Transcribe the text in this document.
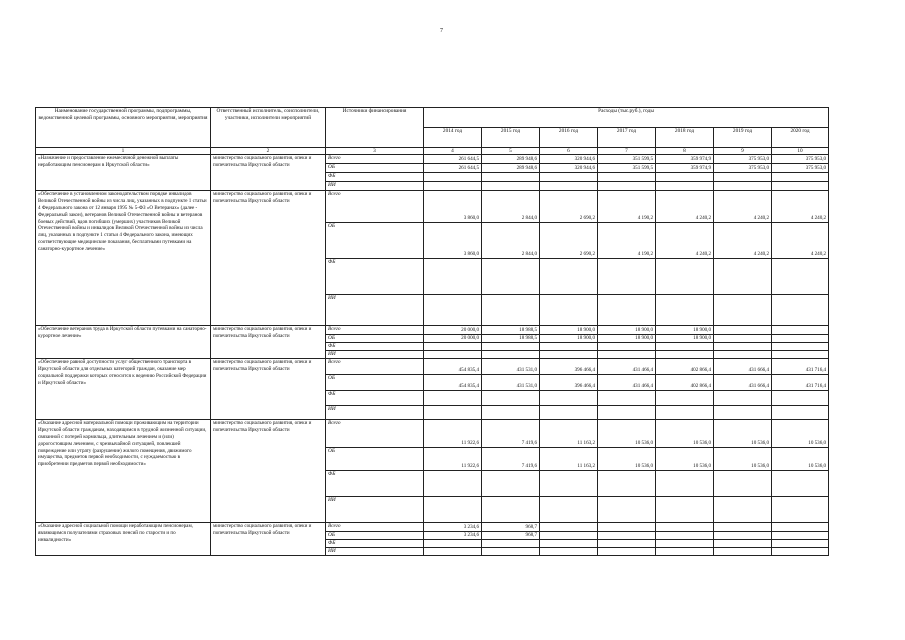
7
Наименование государственной программы, подпрограммы, ведомственной целевой программы, основного мероприятия, мероприятия	Ответственный исполнитель, соисполнители, участники, исполнители мероприятий	Источники финансирования	Расходы (тыс.руб.), годы						
			2014 год	2015 год	2016 год	2017 год	2018 год	2019 год	2020 год
1	2	3	4	5	6	7	8	9	10
«Назначение и предоставление ежемесячной денежной выплаты неработающим пенсионерам в Иркутской области»	министерство социального развития, опеки и попечительства Иркутской области	Всего	261 644,5	289 948,6	320 944,6	351 599,5	359 974,9	375 953,0	375 953,0
		ОБ	261 644,5	289 948,6	320 944,6	351 599,5	359 974,9	375 953,0	375 953,0
		ФБ							
		ИИ							
«Обеспечение в установленном законодательством порядке инвалидов Великой Отечественной войны из числа лиц, указанных в подпункте 1 статьи 4 Федерального закона от 12 января 1995 № 5-ФЗ «О Ветеранах» (далее - Федеральный закон), ветеранов Великой Отечественной войны и ветеранов боевых действий, вдов погибших (умерших) участников Великой Отечественной войны и инвалидов Великой Отечественной войны из числа лиц, указанных в подпункте 1 статьи 4 Федерального закона, имеющих соответствующие медицинские показания, бесплатными путевками на санаторно-курортное лечение»	министерство социального развития, опеки и попечительства Иркутской области	Всего	3 860,0	2 844,0	2 690,2	4 190,2	4 240,2	4 240,2	4 240,2
		ОБ	3 860,0	2 844,0	2 690,2	4 190,2	4 240,2	4 240,2	4 240,2
		ФБ							
		ИИ							
«Обеспечение ветеранов труда в Иркутской области путевками на санаторно-курортное лечение»	министерство социального развития, опеки и попечительства Иркутской области	Всего	20 000,0	18 988,5	18 900,0	18 900,0	18 900,0		
		ОБ	20 000,0	18 988,5	18 900,0	18 900,0	18 900,0		
		ФБ							
		ИИ							
«Обеспечение равной доступности услуг общественного транспорта в Иркутской области для отдельных категорий граждан, оказание мер социальной поддержки которых относится к ведению Российской Федерации и Иркутской области»	министерство социального развития, опеки и попечительства Иркутской области	Всего	454 835,4	431 531,0	396 466,4	431 466,4	402 866,4	431 666,4	431 716,4
		ОБ	454 835,4	431 531,0	396 466,4	431 466,4	402 866,4	431 666,4	431 716,4
		ФБ							
		ИИ							
«Оказание адресной материальной помощи проживающим на территории Иркутской области гражданам, находящимся в трудной жизненной ситуации, связанной с потерей кормильца, длительным лечением и (или) дорогостоящим лечением, с чрезвычайной ситуацией, повлекшей повреждение или утрату (разрушение) жилого помещения, движимого имущества, предметов первой необходимости, с нуждаемостью в приобретении предметов первой необходимости»	министерство социального развития, опеки и попечительства Иркутской области	Всего	11 922,6	7 419,6	11 163,2	10 536,0	10 536,0	10 536,0	10 536,0
		ОБ	11 922,6	7 419,6	11 163,2	10 536,0	10 536,0	10 536,0	10 536,0
		ФБ							
		ИИ							
«Оказание адресной социальной помощи неработающим пенсионерам, являющимся получателями страховых пенсий по старости и по инвалидности»	министерство социального развития, опеки и попечительства Иркутской области	Всего	3 234,6	968,7					
		ОБ	3 234,6	968,7					
		ФБ							
		ИИ							
